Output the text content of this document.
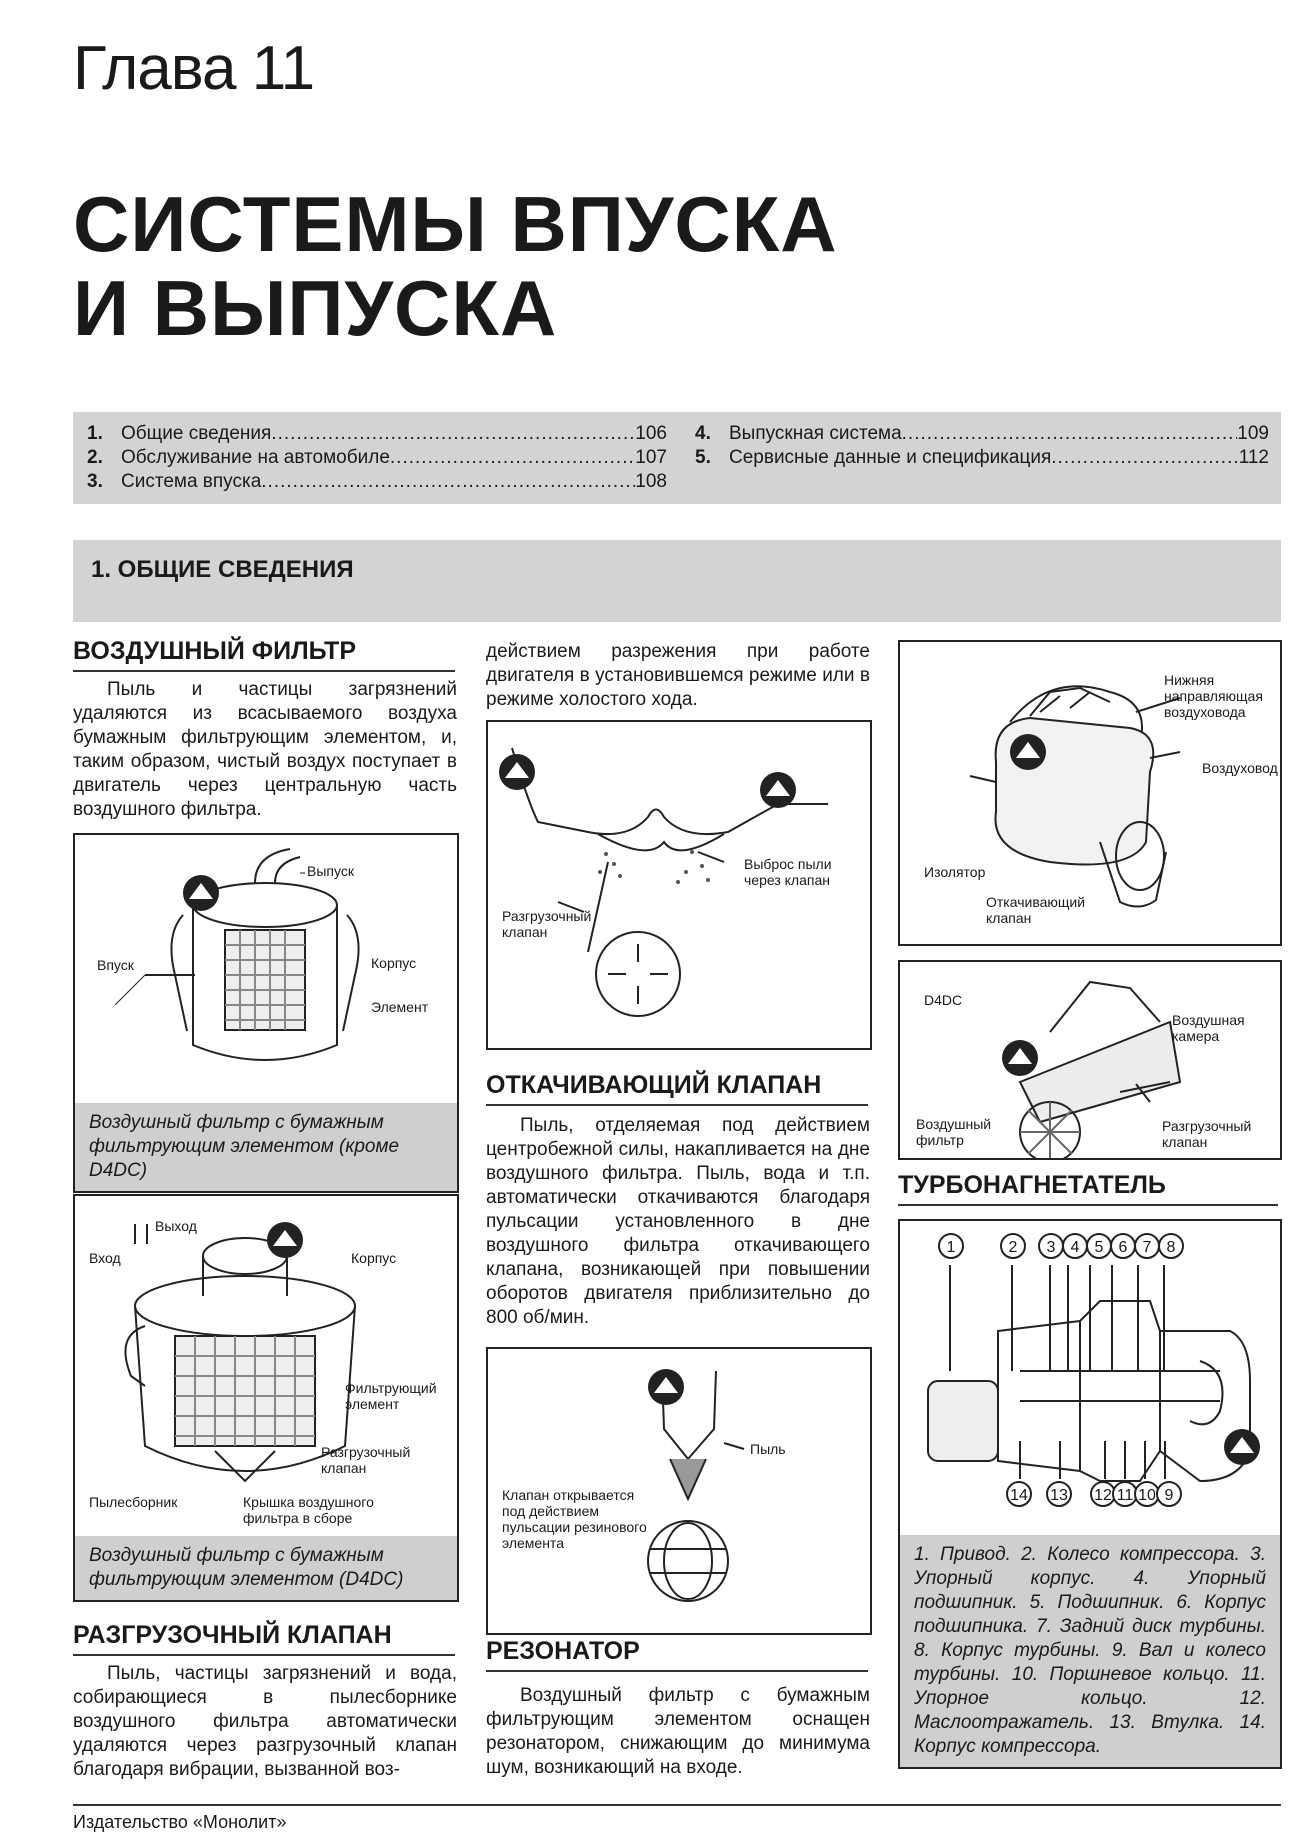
Глава 11
СИСТЕМЫ ВПУСКА
И ВЫПУСКА
1. Общие сведения .....	106
2. Обслуживание на автомобиле .....	107
3. Система впуска .....	108
4. Выпускная система .....	109
5. Сервисные данные и спецификация .....	112
1. ОБЩИЕ СВЕДЕНИЯ
ВОЗДУШНЫЙ ФИЛЬТР

Пыль и частицы загрязнений удаляются из всасываемого воздуха бумажным фильтрующим элементом, и, таким образом, чистый воздух поступает в двигатель через центральную часть воздушного фильтра.

Выпуск
Корпус
Впуск
Элемент
Воздушный фильтр с бумажным фильтрующим элементом (кроме D4DC)
Выход
Вход	Корпус
Фильтрующий элемент
Разгрузочный клапан
Пылесборник	Крышка воздушного фильтра в сборе
Воздушный фильтр с бумажным фильтрующим элементом (D4DC)
РАЗГРУЗОЧНЫЙ КЛАПАН

Пыль, частицы загрязнений и вода, собирающиеся в пылесборнике воздушного фильтра автоматически удаляются через разгрузочный клапан благодаря вибрации, вызванной воз-

действием разрежения при работе двигателя в установившемся режиме или в режиме холостого хода.

Выброс пыли через клапан
Разгрузочный клапан
ОТКАЧИВАЮЩИЙ КЛАПАН

Пыль, отделяемая под действием центробежной силы, накапливается на дне воздушного фильтра. Пыль, вода и т.п. автоматически откачиваются благодаря пульсации установленного в дне воздушного фильтра откачивающего клапана, возникающей при повышении оборотов двигателя приблизительно до 800 об/мин.

Пыль
Клапан открывается под действием пульсации резинового элемента
РЕЗОНАТОР

Воздушный фильтр с бумажным фильтрующим элементом оснащен резонатором, снижающим до минимума шум, возникающий на входе.

Нижняя направляющая воздуховода
Воздуховод
Изолятор
Откачивающий клапан
D4DC
Воздушная камера
Воздушный фильтр
Разгрузочный клапан
ТУРБОНАГНЕТАТЕЛЬ
1	2	3 4 5 6 7 8
14 13 12 11 10 9
1. Привод. 2. Колесо компрессора. 3. Упорный корпус. 4. Упорный подшипник. 5. Подшипник. 6. Корпус подшипника. 7. Задний диск турбины. 8. Корпус турбины. 9. Вал и колесо турбины. 10. Поршневое кольцо. 11. Упорное кольцо. 12. Маслоотражатель. 13. Втулка. 14. Корпус компрессора.
Издательство «Монолит»
